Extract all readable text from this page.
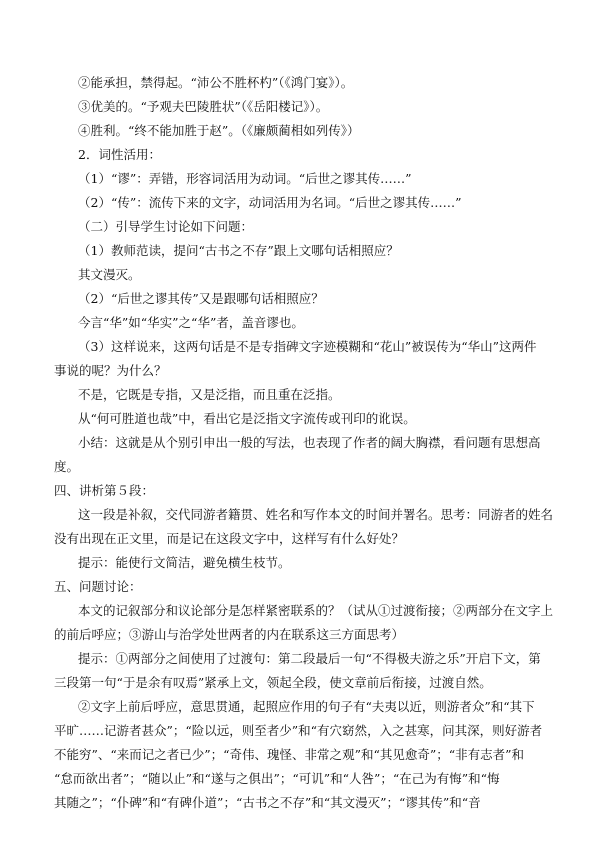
②能承担，禁得起。“沛公不胜杯杓”（《鸿门宴》）。
③优美的。“予观夫巴陵胜状”（《岳阳楼记》）。
④胜利。“终不能加胜于赵”。（《廉颇蔺相如列传》）
2．词性活用：
（1）“谬”：弄错，形容词活用为动词。“后世之谬其传……”
（2）“传”：流传下来的文字，动词活用为名词。“后世之谬其传……”
（二）引导学生讨论如下问题：
（1）教师范读，提问“古书之不存”跟上文哪句话相照应？
其文漫灭。
（2）“后世之谬其传”又是跟哪句话相照应？
今言“华”如“华实”之“华”者，盖音谬也。
（3）这样说来，这两句话是不是专指碑文字迹模糊和“花山”被误传为“华山”这两件
事说的呢？为什么？
不是，它既是专指，又是泛指，而且重在泛指。
从“何可胜道也哉”中，看出它是泛指文字流传或刊印的讹误。
小结：这就是从个别引申出一般的写法，也表现了作者的阔大胸襟，看问题有思想高
度。
四、讲析第５段：
这一段是补叙，交代同游者籍贯、姓名和写作本文的时间并署名。思考：同游者的姓名
没有出现在正文里，而是记在这段文字中，这样写有什么好处？
提示：能使行文简洁，避免横生枝节。
五、问题讨论：
本文的记叙部分和议论部分是怎样紧密联系的？（试从①过渡衔接；②两部分在文字上
的前后呼应；③游山与治学处世两者的内在联系这三方面思考）
提示：①两部分之间使用了过渡句：第二段最后一句“不得极夫游之乐”开启下文，第
三段第一句“于是余有叹焉”紧承上文，领起全段，使文章前后衔接，过渡自然。
②文字上前后呼应，意思贯通，起照应作用的句子有“夫夷以近，则游者众”和“其下
平旷……记游者甚众”；“险以远，则至者少”和“有穴窈然，入之甚寒，问其深，则好游者
不能穷”、“来而记之者已少”；“奇伟、瑰怪、非常之观”和“其见愈奇”；“非有志者”和
“怠而欲出者”；“随以止”和“遂与之俱出”；“可讥”和“人咎”；“在己为有悔”和“悔
其随之”；“仆碑”和“有碑仆道”；“古书之不存”和“其文漫灭”；“谬其传”和“音
